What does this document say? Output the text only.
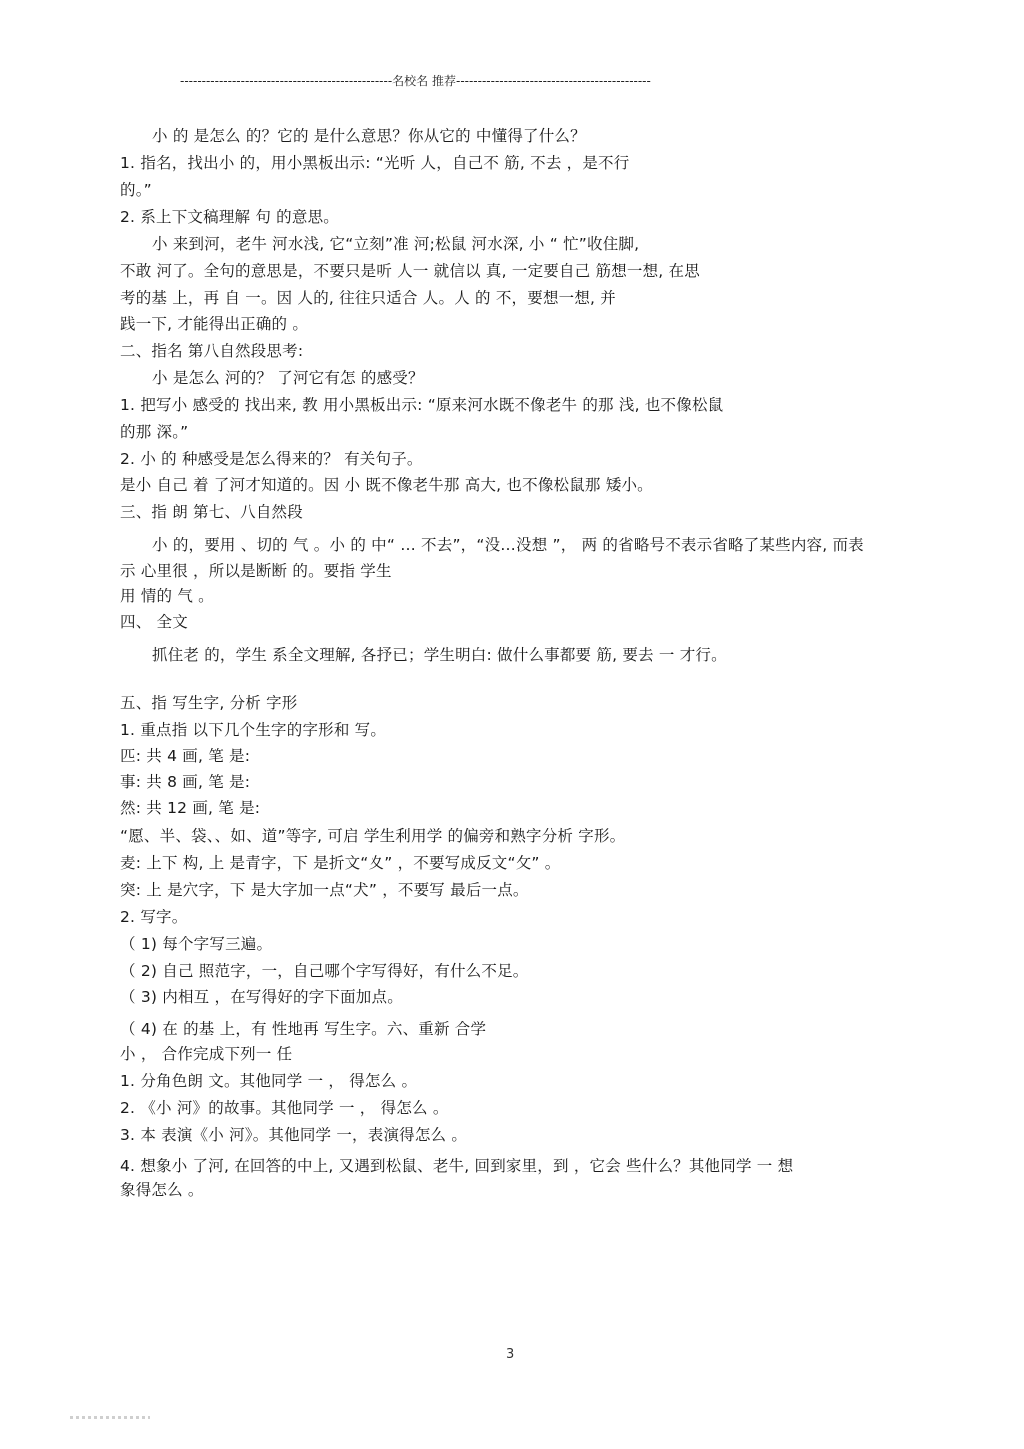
-------------------------------------------------名校名 推荐---------------------------------------------
小 的 是怎么 的？它的 是什么意思？你从它的 中懂得了什么？
1. 指名，找出小 的，用小黑板出示: “光听 人，自己不 筋, 不去 ，是不行
的。”
2. 系上下文稿理解 句 的意思。
小 来到河，老牛 河水浅, 它“立刻”准 河;松鼠 河水深, 小 “ 忙”收住脚,
不敢 河了。全句的意思是，不要只是听 人一 就信以 真, 一定要自己 筋想一想, 在思
考的基 上，再 自 一。因 人的, 往往只适合 人。人 的 不，要想一想, 并
践一下, 才能得出正确的 。
二、指名 第八自然段思考:
小 是怎么 河的？ 了河它有怎 的感受？
1. 把写小 感受的 找出来, 教 用小黑板出示: “原来河水既不像老牛 的那 浅, 也不像松鼠
的那 深。”
2. 小 的 种感受是怎么得来的？ 有关句子。
是小 自己 着 了河才知道的。因 小 既不像老牛那 高大, 也不像松鼠那 矮小。
三、指 朗 第七、八自然段
小 的，要用 、切的 气 。小 的 中“ … 不去”，“没…没想 ”， 两 的省略号不表示省略了某些内容, 而表
示 心里很 ，所以是断断 的。要指 学生
用 情的 气 。
四、 全文
抓住老 的，学生 系全文理解, 各抒已；学生明白: 做什么事都要 筋, 要去 一 才行。
五、指 写生字, 分析 字形
1. 重点指 以下几个生字的字形和 写。
匹: 共 4 画, 笔 是:
事: 共 8 画, 笔 是:
然: 共 12 画, 笔 是:
“愿、半、袋、、如、道”等字, 可启 学生利用学 的偏旁和熟字分析 字形。
麦: 上下 构, 上 是青字，下 是折文“夊” ，不要写成反文“攵” 。
突: 上 是穴字，下 是大字加一点“犬” ，不要写 最后一点。
2. 写字。
（ 1) 每个字写三遍。
（ 2) 自己 照范字，一，自己哪个字写得好，有什么不足。
（ 3) 内相互 ，在写得好的字下面加点。
（ 4) 在 的基 上，有 性地再 写生字。六、重新 合学
小 ， 合作完成下列一 任
1. 分角色朗 文。其他同学 一 ， 得怎么 。
2. 《小 河》的故事。其他同学 一 ， 得怎么 。
3. 本 表演《小 河》。其他同学 一，表演得怎么 。
4. 想象小 了河, 在回答的中上, 又遇到松鼠、老牛, 回到家里，到 ，它会 些什么？其他同学 一 想
象得怎么 。
3
